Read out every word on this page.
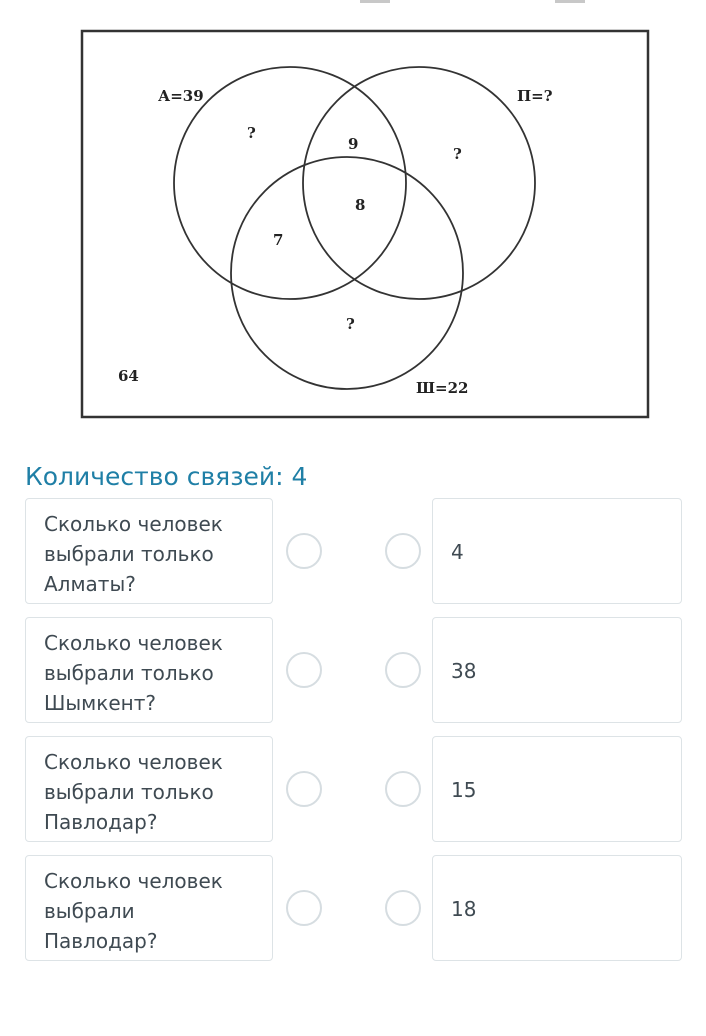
А=39	П=?
Ш=22
64
?
?
?
9
7
8
Количество связей: 4
Сколько человек выбрали только Алматы?
4
Сколько человек выбрали только Шымкент?
38
Сколько человек выбрали только Павлодар?
15
Сколько человек выбрали Павлодар?
18
